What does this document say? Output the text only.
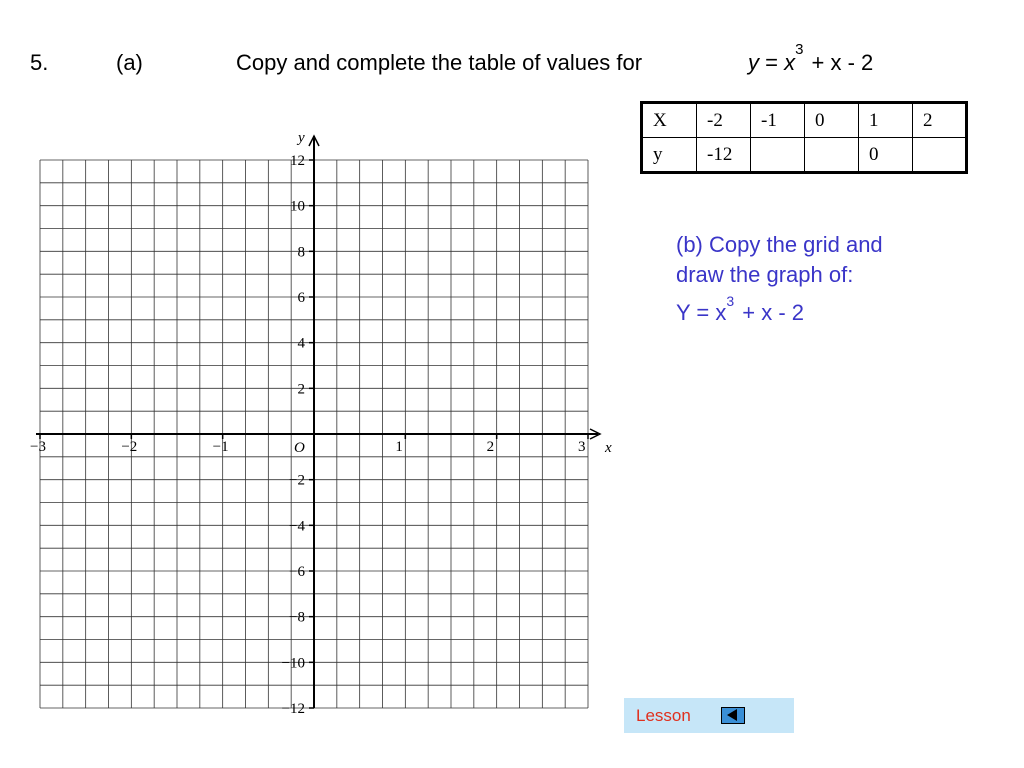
5.	(a)	Copy and complete the table of values for	$y = x^3 + x - 2$
X	-2	-1	0	1	2
y	-12			0	
(b) Copy the grid and
draw the graph of:
$Y = x^3 + x - 2$
−3	−2	−1	1	2	3
−12
−10
−8
−6
−4
−2
2
4
6
8
10
12
x
y
O
Lesson
